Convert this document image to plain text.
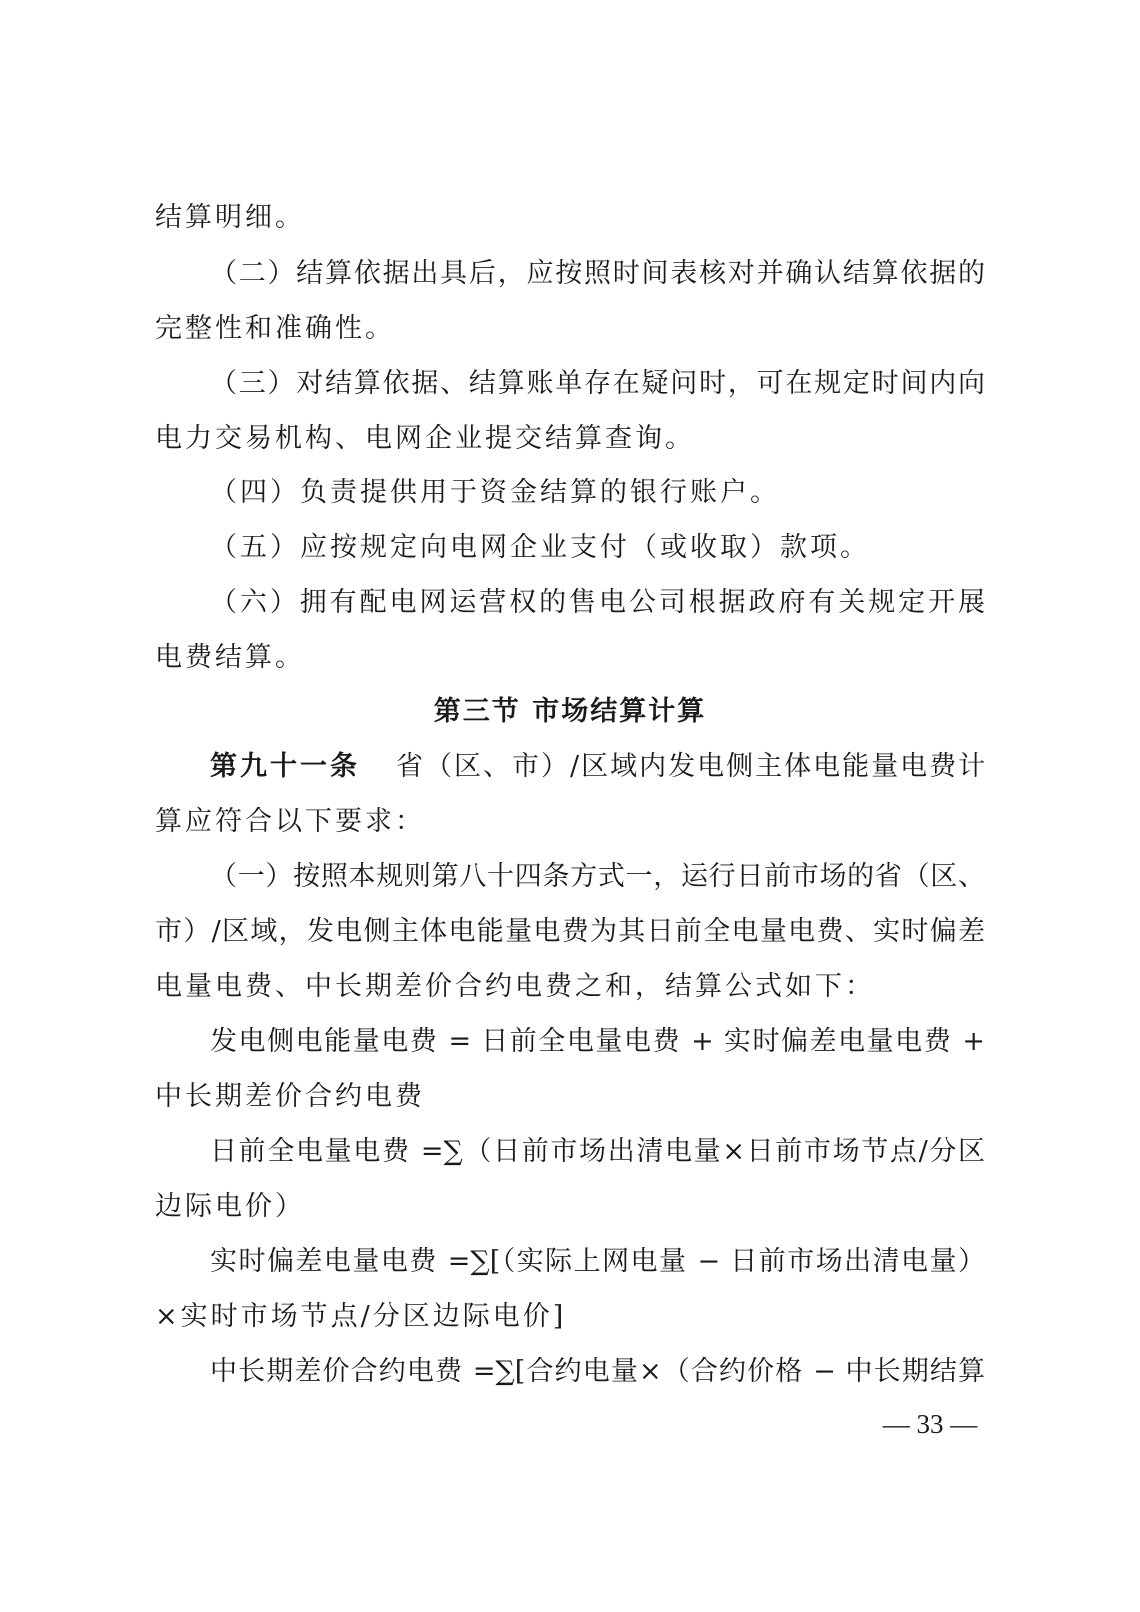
结算明细。
（二）结算依据出具后，应按照时间表核对并确认结算依据的
完整性和准确性。
（三）对结算依据、结算账单存在疑问时，可在规定时间内向
电力交易机构、电网企业提交结算查询。
（四）负责提供用于资金结算的银行账户。
（五）应按规定向电网企业支付（或收取）款项。
（六）拥有配电网运营权的售电公司根据政府有关规定开展
电费结算。
第三节 市场结算计算
第九十一条 省（区、市）/区域内发电侧主体电能量电费计
算应符合以下要求：
（一）按照本规则第八十四条方式一，运行日前市场的省（区、
市）/区域，发电侧主体电能量电费为其日前全电量电费、实时偏差
电量电费、中长期差价合约电费之和，结算公式如下：
发电侧电能量电费 = 日前全电量电费 + 实时偏差电量电费 +
中长期差价合约电费
日前全电量电费 =∑（日前市场出清电量×日前市场节点/分区
边际电价）
实时偏差电量电费 =∑[（实际上网电量 − 日前市场出清电量）
×实时市场节点/分区边际电价]
中长期差价合约电费 =∑[合约电量×（合约价格 − 中长期结算
— 33 —
